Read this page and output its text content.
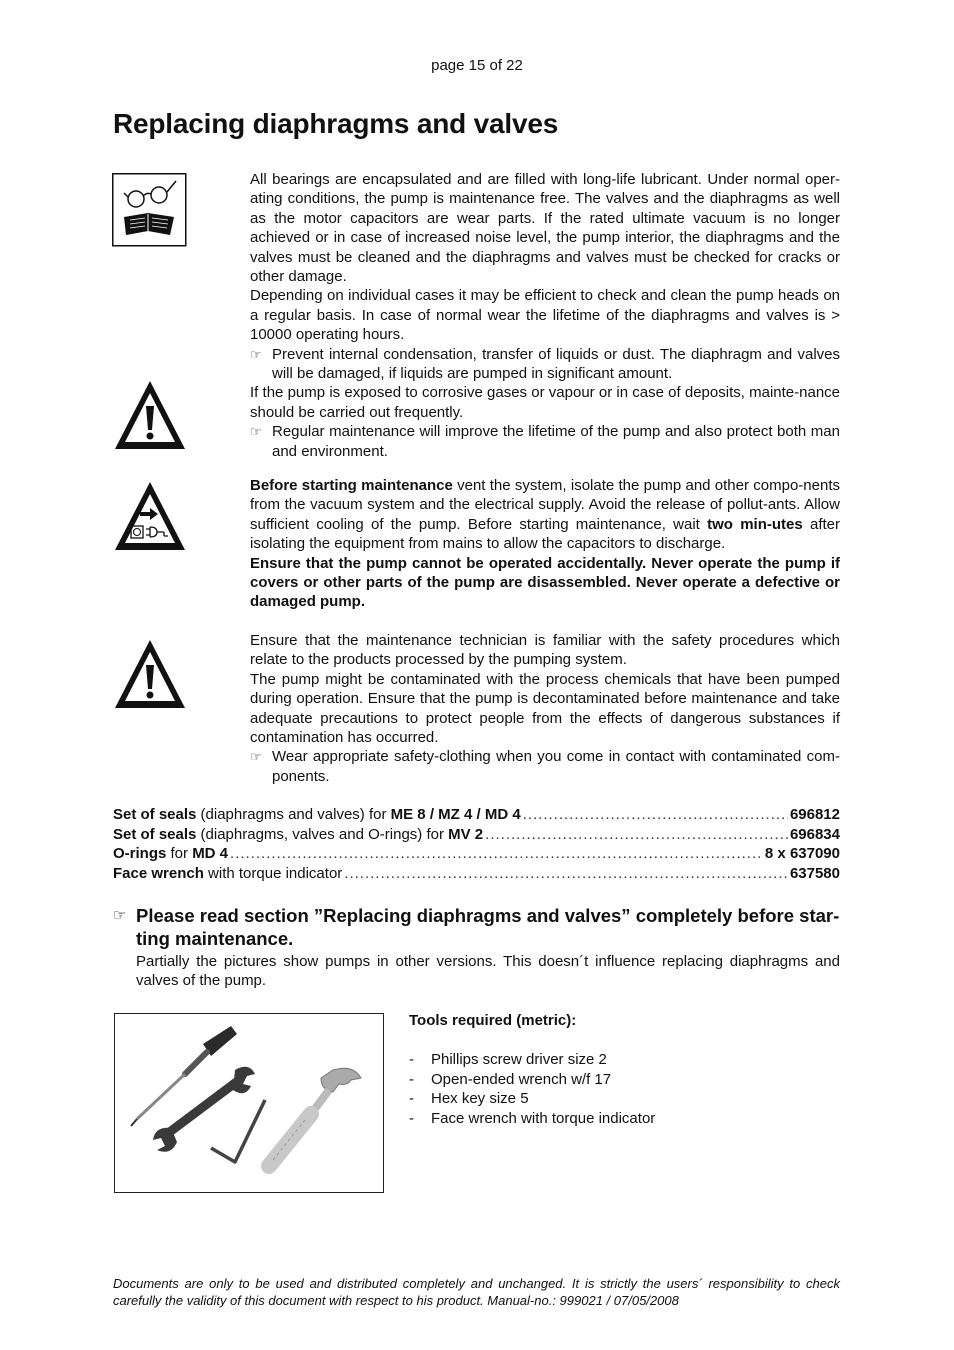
page 15 of 22
Replacing diaphragms and valves

All bearings are encapsulated and are filled with long-life lubricant. Under normal oper-ating conditions, the pump is maintenance free. The valves and the diaphragms as well as the motor capacitors are wear parts. If the rated ultimate vacuum is no longer achieved or in case of increased noise level, the pump interior, the diaphragms and the valves must be cleaned and the diaphragms and valves must be checked for cracks or other damage.

Depending on individual cases it may be efficient to check and clean the pump heads on a regular basis. In case of normal wear the lifetime of the diaphragms and valves is > 10000 operating hours.

☞ Prevent internal condensation, transfer of liquids or dust. The diaphragm and valves will be damaged, if liquids are pumped in significant amount.

If the pump is exposed to corrosive gases or vapour or in case of deposits, mainte-nance should be carried out frequently.

☞ Regular maintenance will improve the lifetime of the pump and also protect both man and environment.

Before starting maintenance vent the system, isolate the pump and other compo-nents from the vacuum system and the electrical supply. Avoid the release of pollut-ants. Allow sufficient cooling of the pump. Before starting maintenance, wait two min-utes after isolating the equipment from mains to allow the capacitors to discharge.

Ensure that the pump cannot be operated accidentally. Never operate the pump if covers or other parts of the pump are disassembled. Never operate a defective or damaged pump.

Ensure that the maintenance technician is familiar with the safety procedures which relate to the products processed by the pumping system.

The pump might be contaminated with the process chemicals that have been pumped during operation. Ensure that the pump is decontaminated before maintenance and take adequate precautions to protect people from the effects of dangerous substances if contamination has occurred.

☞ Wear appropriate safety-clothing when you come in contact with contaminated com-ponents.
Set of seals (diaphragms and valves) for ME 8 / MZ 4 / MD 4 .....	696812
Set of seals (diaphragms, valves and O-rings) for MV 2 .....	696834
O-rings for MD 4 .....	8 x 637090
Face wrench with torque indicator .....	637580
☞ Please read section ”Replacing diaphragms and valves” completely before star-ting maintenance.
Partially the pictures show pumps in other versions. This doesn´t influence replacing diaphragms and valves of the pump.
Tools required (metric):
- Phillips screw driver size 2
- Open-ended wrench w/f 17
- Hex key size 5
- Face wrench with torque indicator
Documents are only to be used and distributed completely and unchanged. It is strictly the users´ responsibility to check carefully the validity of this document with respect to his product. Manual-no.: 999021 / 07/05/2008
